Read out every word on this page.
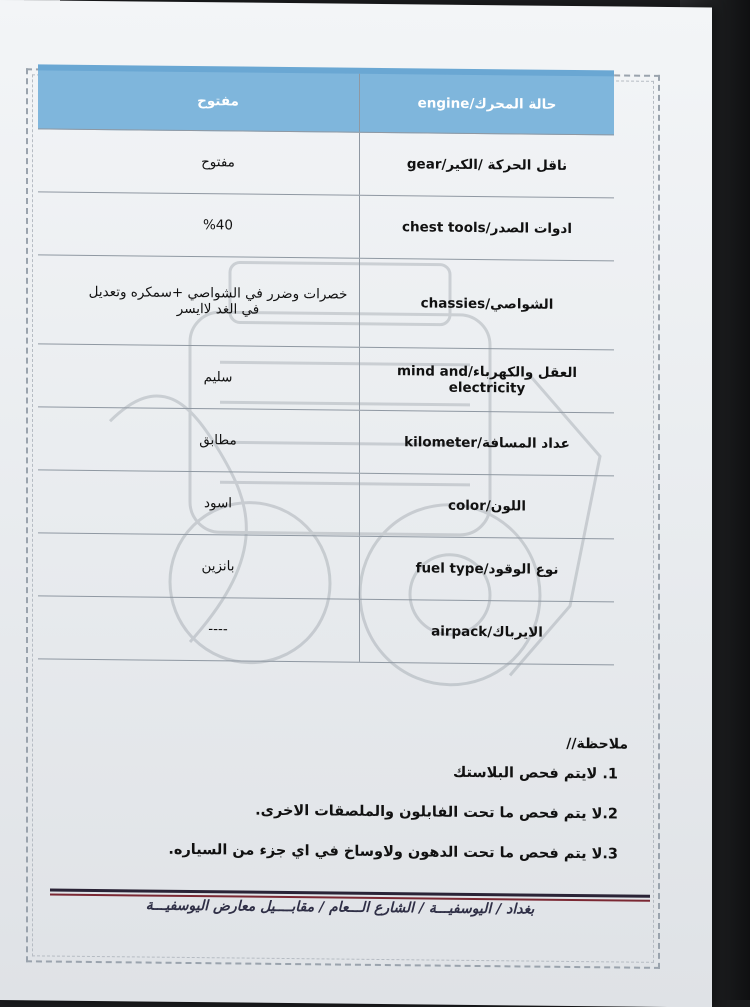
مفتوح	حالة المحرك/engine
مفتوح	ناقل الحركة /الكير/gear
%40	ادوات الصدر/chest tools
خصرات وضرر في الشواصي +سمكره وتعديل في الغد لاايسر	الشواصي/chassies
سليم	العقل والكهرباء/mind and electricity
مطابق	عداد المسافة/kilometer
اسود	اللون/color
بانزين	نوع الوقود/fuel type
----	الايرباك/airpack
ملاحظة//
1. لايتم فحص البلاستك
2.لا يتم فحص ما تحت الفابلون والملصقات الاخرى.
3.لا يتم فحص ما تحت الدهون ولاوساخ في اي جزء من السياره.
بغداد / اليوسفيـــة / الشارع الـــعام / مقابــــيل معارض اليوسفيـــة
